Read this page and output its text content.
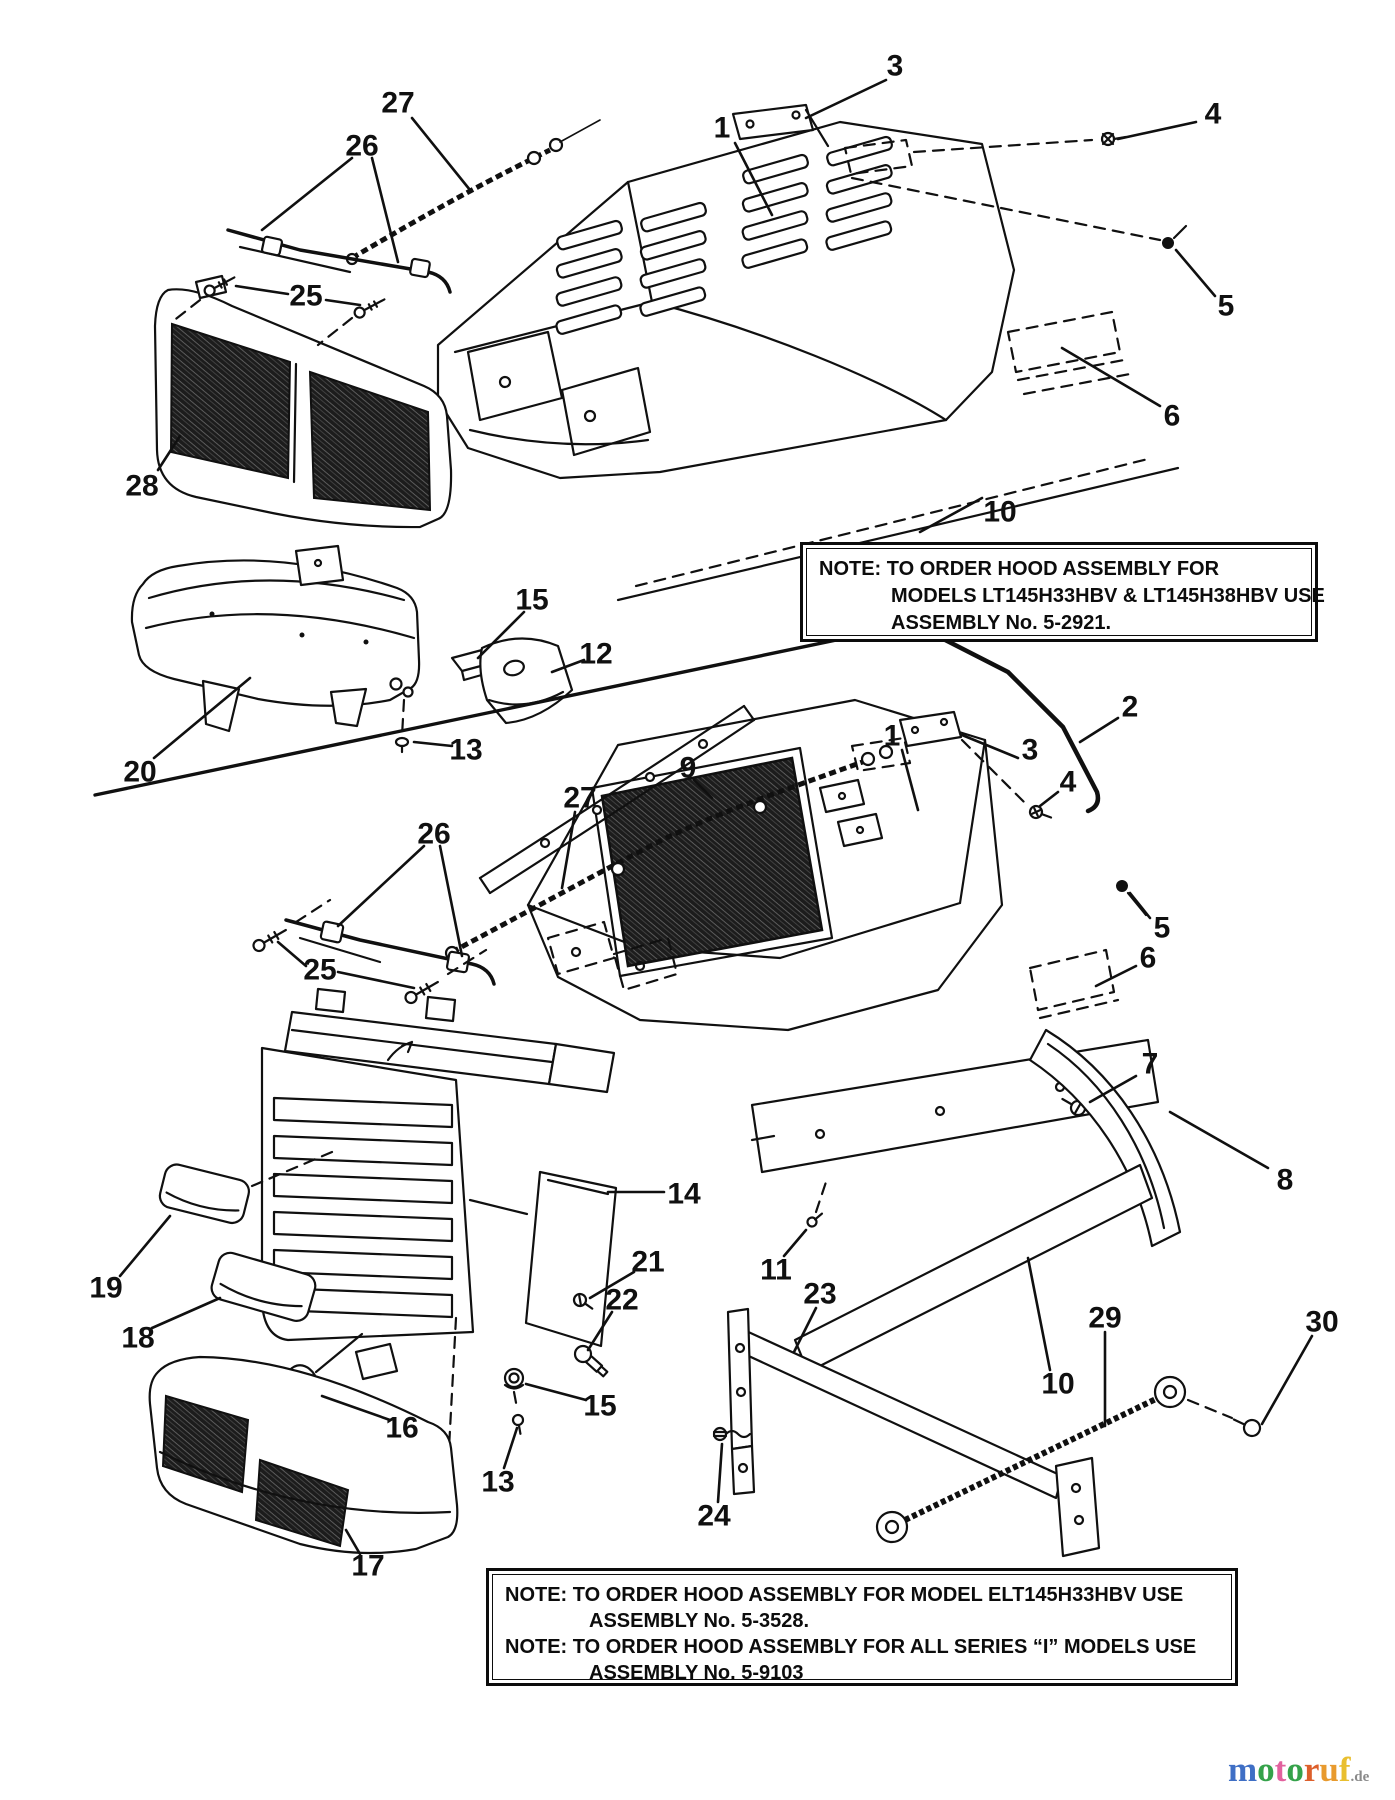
27
26
1
3
4
5
6
10
28
25
15
12
13
20
2
1	3
4
9
27
26
25
5
6
7
8
14
11
21
22	23
19
18
16
15
13
10
24
29	30
17
NOTE: TO ORDER HOOD ASSEMBLY FOR
MODELS LT145H33HBV & LT145H38HBV USE
ASSEMBLY No. 5-2921.
NOTE: TO ORDER HOOD ASSEMBLY FOR MODEL ELT145H33HBV USE
ASSEMBLY No. 5-3528.
NOTE: TO ORDER HOOD ASSEMBLY FOR ALL SERIES “I” MODELS USE
ASSEMBLY No. 5-9103
motoruf.de
